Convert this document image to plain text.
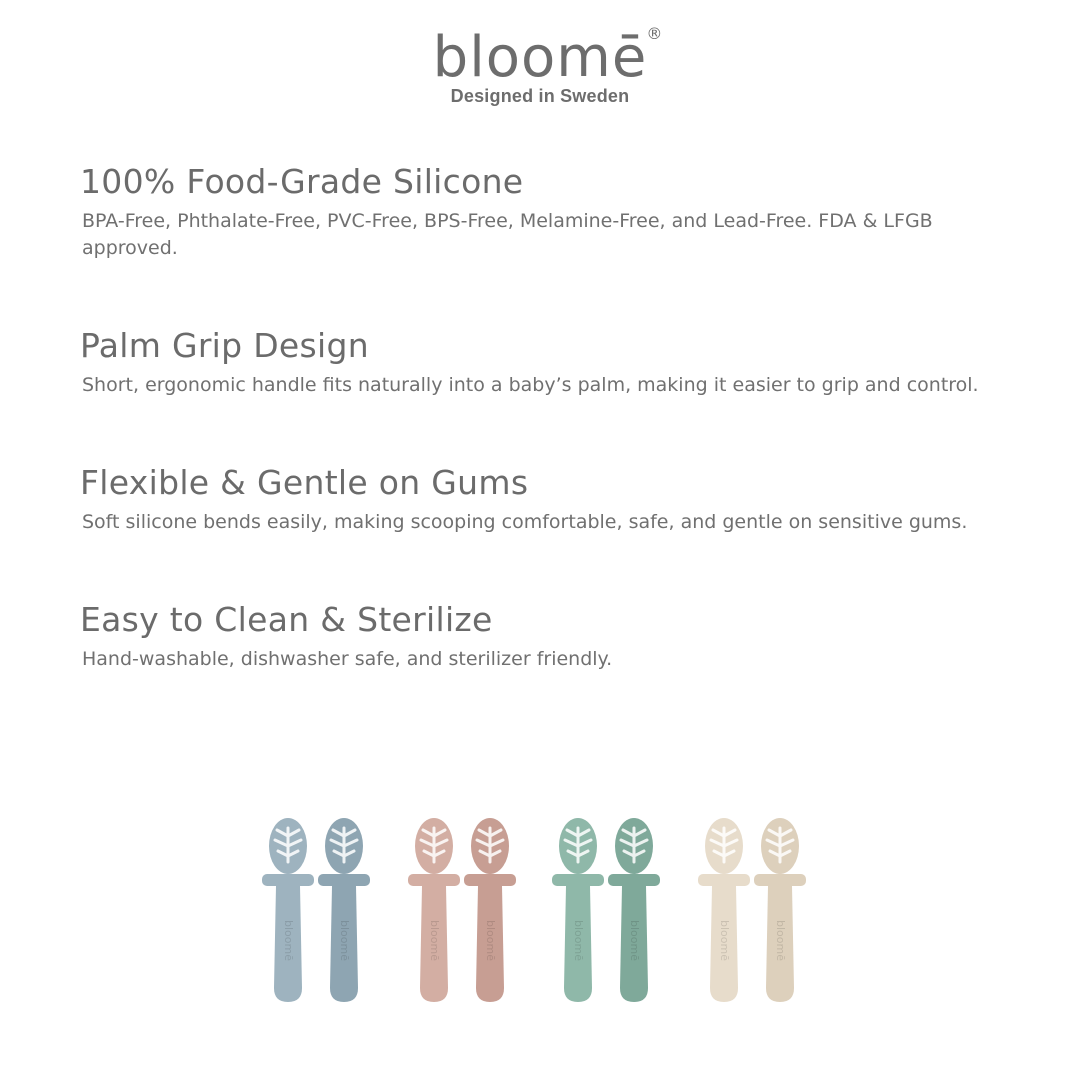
bloomē ®
Designed in Sweden
100% Food-Grade Silicone

BPA-Free, Phthalate-Free, PVC-Free, BPS-Free, Melamine-Free, and Lead-Free. FDA & LFGB approved.

Palm Grip Design

Short, ergonomic handle fits naturally into a baby’s palm, making it easier to grip and control.

Flexible & Gentle on Gums

Soft silicone bends easily, making scooping comfortable, safe, and gentle on sensitive gums.

Easy to Clean & Sterilize

Hand-washable, dishwasher safe, and sterilizer friendly.

bloomē	bloomē	bloomē	bloomē	bloomē	bloomē	bloomē	bloomē
